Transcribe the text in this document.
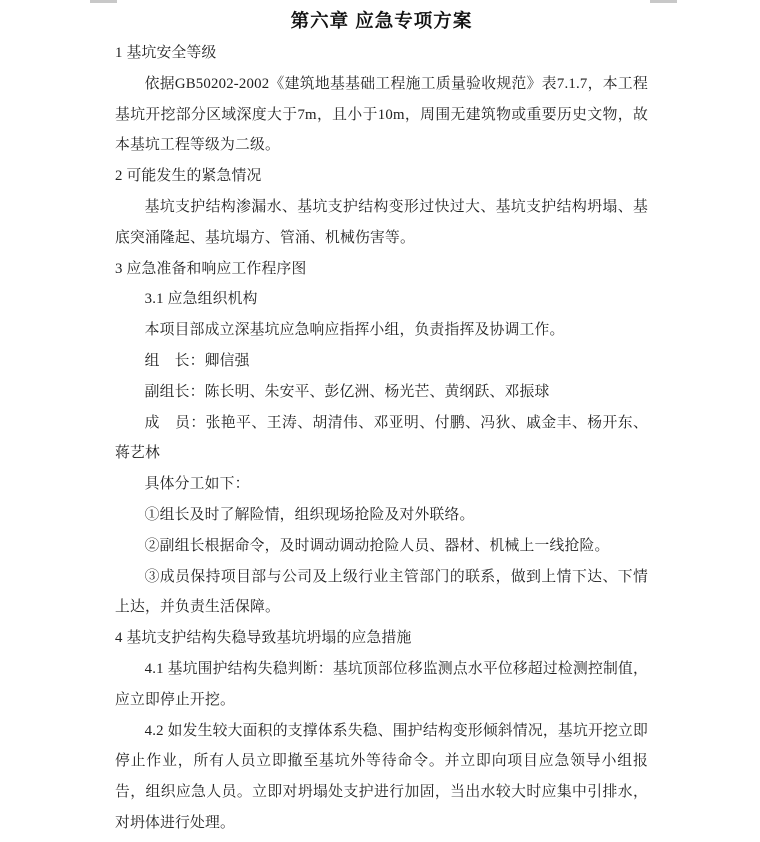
第六章 应急专项方案
1 基坑安全等级
依据GB50202-2002《建筑地基基础工程施工质量验收规范》表7.1.7，本工程基坑开挖部分区域深度大于7m，且小于10m，周围无建筑物或重要历史文物，故本基坑工程等级为二级。
2 可能发生的紧急情况
基坑支护结构渗漏水、基坑支护结构变形过快过大、基坑支护结构坍塌、基底突涌隆起、基坑塌方、管涌、机械伤害等。
3 应急准备和响应工作程序图
3.1 应急组织机构
本项目部成立深基坑应急响应指挥小组，负责指挥及协调工作。
组　长：卿信强
副组长：陈长明、朱安平、彭亿洲、杨光芒、黄纲跃、邓振球
成　员：张艳平、王涛、胡清伟、邓亚明、付鹏、冯狄、戚金丰、杨开东、蒋艺林
具体分工如下：
①组长及时了解险情，组织现场抢险及对外联络。
②副组长根据命令，及时调动调动抢险人员、器材、机械上一线抢险。
③成员保持项目部与公司及上级行业主管部门的联系，做到上情下达、下情上达，并负责生活保障。
4 基坑支护结构失稳导致基坑坍塌的应急措施
4.1 基坑围护结构失稳判断：基坑顶部位移监测点水平位移超过检测控制值，应立即停止开挖。
4.2 如发生较大面积的支撑体系失稳、围护结构变形倾斜情况，基坑开挖立即停止作业，所有人员立即撤至基坑外等待命令。并立即向项目应急领导小组报告，组织应急人员。立即对坍塌处支护进行加固，当出水较大时应集中引排水，对坍体进行处理。
